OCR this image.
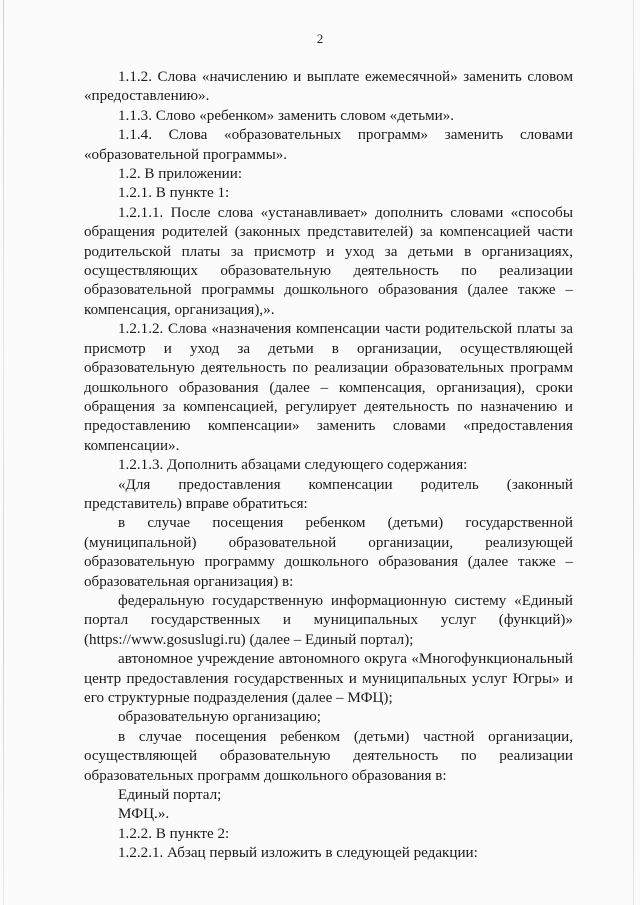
2

1.1.2. Слова «начислению и выплате ежемесячной» заменить словом «предоставлению».

1.1.3. Слово «ребенком» заменить словом «детьми».

1.1.4. Слова «образовательных программ» заменить словами «образовательной программы».

1.2. В приложении:

1.2.1. В пункте 1:

1.2.1.1. После слова «устанавливает» дополнить словами «способы обращения родителей (законных представителей) за компенсацией части родительской платы за присмотр и уход за детьми в организациях, осуществляющих образовательную деятельность по реализации образовательной программы дошкольного образования (далее также – компенсация, организация),».

1.2.1.2. Слова «назначения компенсации части родительской платы за присмотр и уход за детьми в организации, осуществляющей образовательную деятельность по реализации образовательных программ дошкольного образования (далее – компенсация, организация), сроки обращения за компенсацией, регулирует деятельность по назначению и предоставлению компенсации» заменить словами «предоставления компенсации».

1.2.1.3. Дополнить абзацами следующего содержания:

«Для предоставления компенсации родитель (законный представитель) вправе обратиться:

в случае посещения ребенком (детьми) государственной (муниципальной) образовательной организации, реализующей образовательную программу дошкольного образования (далее также – образовательная организация) в:

федеральную государственную информационную систему «Единый портал государственных и муниципальных услуг (функций)» (https://www.gosuslugi.ru) (далее – Единый портал);

автономное учреждение автономного округа «Многофункциональный центр предоставления государственных и муниципальных услуг Югры» и его структурные подразделения (далее – МФЦ);

образовательную организацию;

в случае посещения ребенком (детьми) частной организации, осуществляющей образовательную деятельность по реализации образовательных программ дошкольного образования в:

Единый портал;

МФЦ.».

1.2.2. В пункте 2:

1.2.2.1. Абзац первый изложить в следующей редакции:
